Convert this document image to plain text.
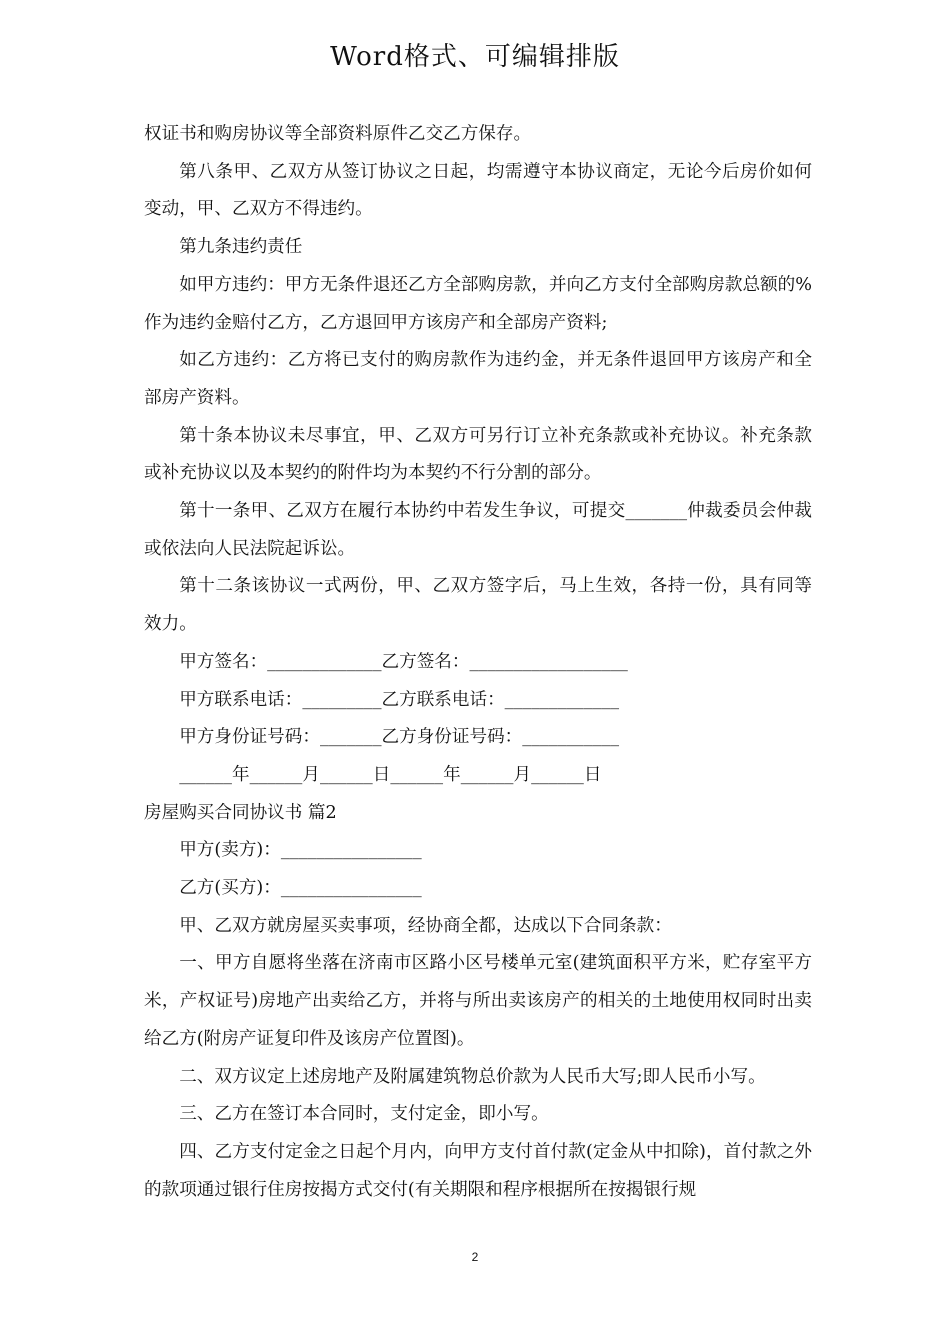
Word格式、可编辑排版

权证书和购房协议等全部资料原件乙交乙方保存。

第八条甲、乙双方从签订协议之日起，均需遵守本协议商定，无论今后房价如何变动，甲、乙双方不得违约。

第九条违约责任

如甲方违约：甲方无条件退还乙方全部购房款，并向乙方支付全部购房款总额的%作为违约金赔付乙方，乙方退回甲方该房产和全部房产资料;

如乙方违约：乙方将已支付的购房款作为违约金，并无条件退回甲方该房产和全部房产资料。

第十条本协议未尽事宜，甲、乙双方可另行订立补充条款或补充协议。补充条款或补充协议以及本契约的附件均为本契约不行分割的部分。

第十一条甲、乙双方在履行本协约中若发生争议，可提交_______仲裁委员会仲裁或依法向人民法院起诉讼。

第十二条该协议一式两份，甲、乙双方签字后，马上生效，各持一份，具有同等效力。

甲方签名：_____________乙方签名：__________________

甲方联系电话：_________乙方联系电话：_____________

甲方身份证号码：_______乙方身份证号码：___________

______年______月______日______年______月______日

房屋购买合同协议书 篇2

甲方(卖方)：________________

乙方(买方)：________________

甲、乙双方就房屋买卖事项，经协商全都，达成以下合同条款：

一、甲方自愿将坐落在济南市区路小区号楼单元室(建筑面积平方米，贮存室平方米，产权证号)房地产出卖给乙方，并将与所出卖该房产的相关的土地使用权同时出卖给乙方(附房产证复印件及该房产位置图)。

二、双方议定上述房地产及附属建筑物总价款为人民币大写;即人民币小写。

三、乙方在签订本合同时，支付定金，即小写。

四、乙方支付定金之日起个月内，向甲方支付首付款(定金从中扣除)，首付款之外的款项通过银行住房按揭方式交付(有关期限和程序根据所在按揭银行规

2
